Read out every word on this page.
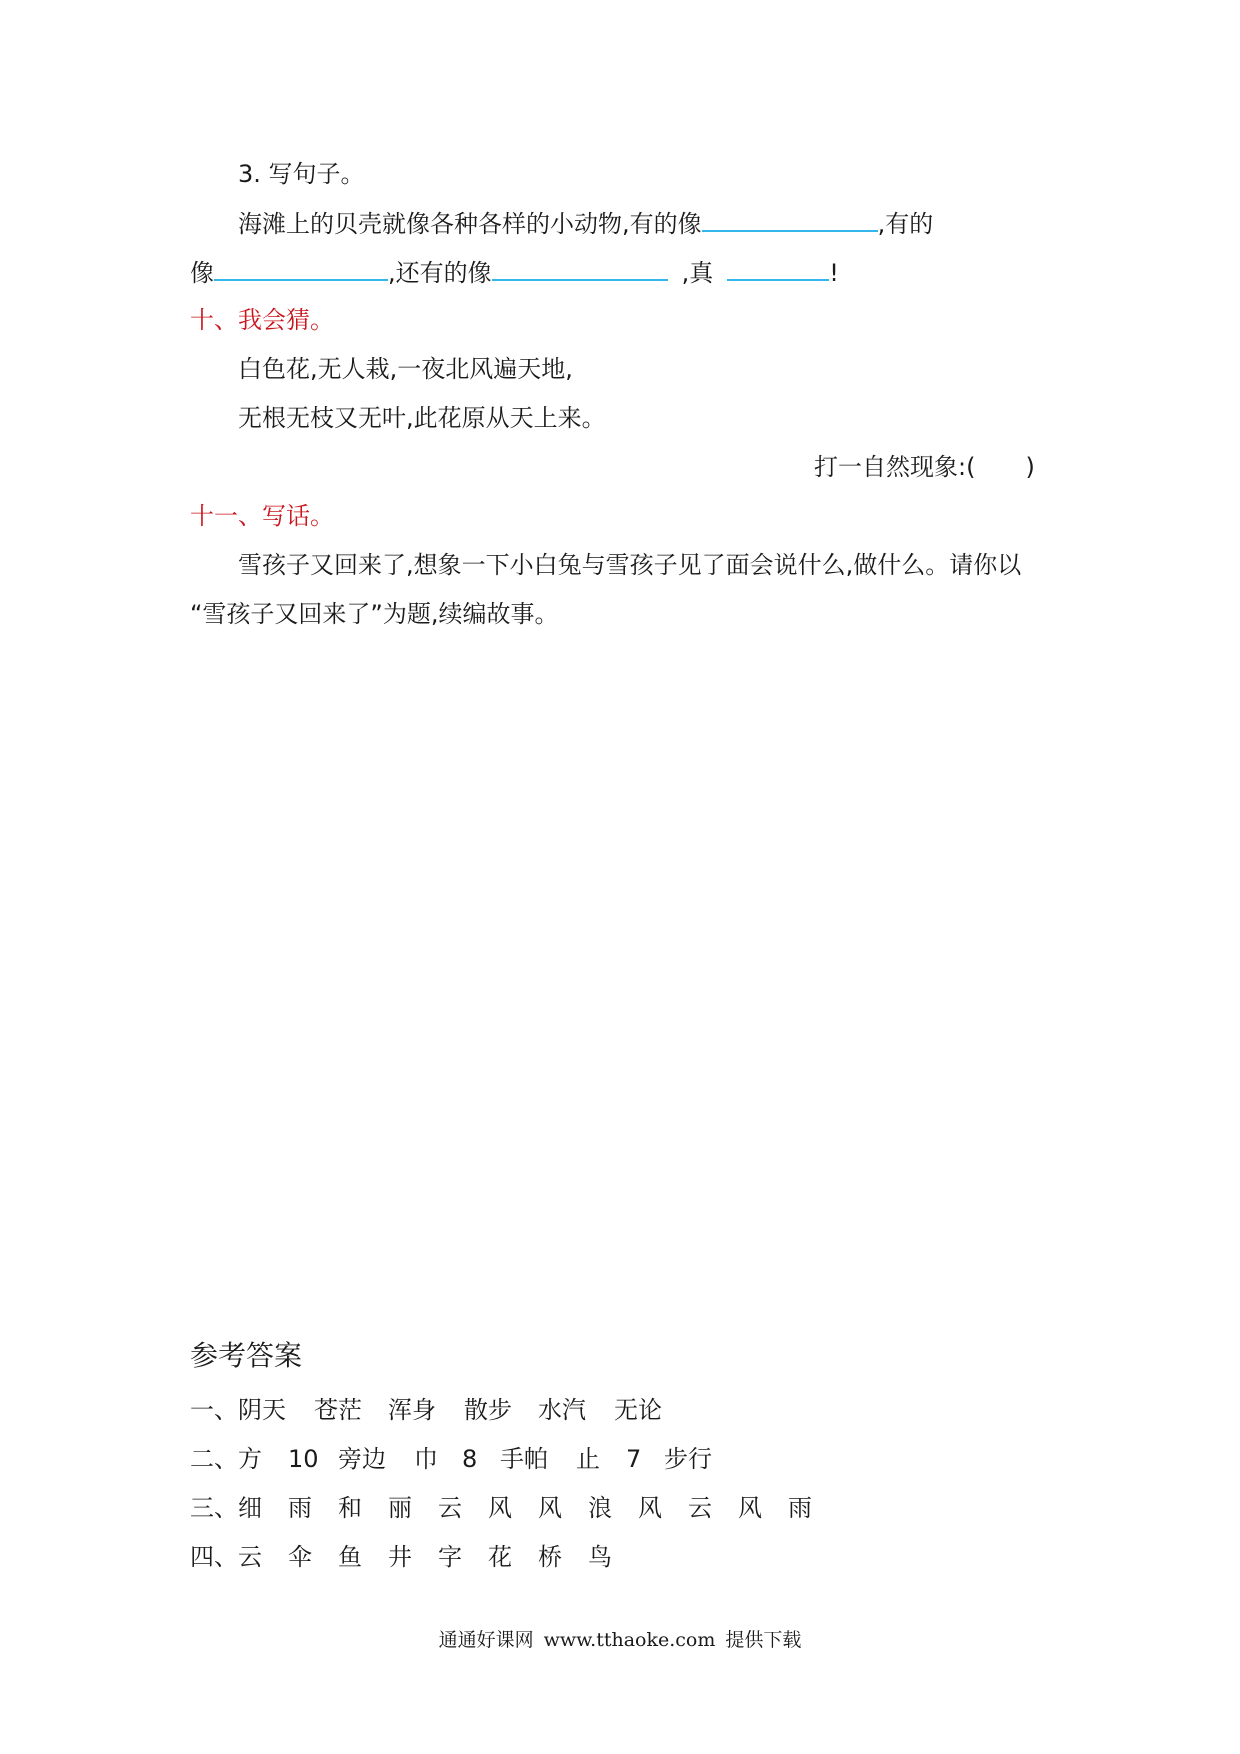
3. 写句子。
海滩上的贝壳就像各种各样的小动物,有的像	,有的
像	,还有的像	,真	!
十、我会猜。
白色花,无人栽,一夜北风遍天地,
无根无枝又无叶,此花原从天上来。
打一自然现象:( )
十一、写话。
雪孩子又回来了,想象一下小白兔与雪孩子见了面会说什么,做什么。请你以
“雪孩子又回来了”为题,续编故事。
参考答案
一、阴天 苍茫 浑身 散步 水汽 无论
二、方 10 旁边 巾 8 手帕 止 7 步行
三、细 雨 和 丽 云 风 风 浪 风 云 风 雨
四、云 伞 鱼 井 字 花 桥 鸟
通通好课网 www.tthaoke.com 提供下载
